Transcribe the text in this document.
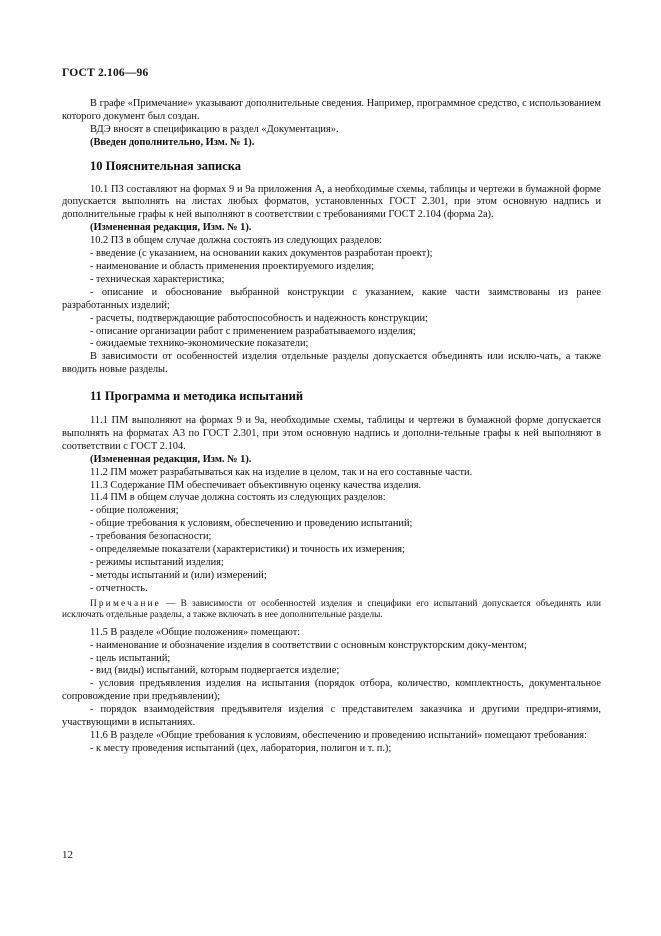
ГОСТ 2.106—96

В графе «Примечание» указывают дополнительные сведения. Например, программное средство, с использованием которого документ был создан.

ВДЭ вносят в спецификацию в раздел «Документация».

(Введен дополнительно, Изм. № 1).

10 Пояснительная записка

10.1 ПЗ составляют на формах 9 и 9а приложения А, а необходимые схемы, таблицы и чертежи в бумажной форме допускается выполнять на листах любых форматов, установленных ГОСТ 2.301, при этом основную надпись и дополнительные графы к ней выполняют в соответствии с требованиями ГОСТ 2.104 (форма 2а).

(Измененная редакция, Изм. № 1).

10.2 ПЗ в общем случае должна состоять из следующих разделов:

- введение (с указанием, на основании каких документов разработан проект);

- наименование и область применения проектируемого изделия;

- техническая характеристика;

- описание и обоснование выбранной конструкции с указанием, какие части заимствованы из ранее разработанных изделий;

- расчеты, подтверждающие работоспособность и надежность конструкции;

- описание организации работ с применением разрабатываемого изделия;

- ожидаемые технико-экономические показатели;

В зависимости от особенностей изделия отдельные разделы допускается объединять или исклю-чать, а также вводить новые разделы.

11 Программа и методика испытаний

11.1 ПМ выполняют на формах 9 и 9а, необходимые схемы, таблицы и чертежи в бумажной форме допускается выполнять на форматах А3 по ГОСТ 2.301, при этом основную надпись и дополни-тельные графы к ней выполняют в соответствии с ГОСТ 2.104.

(Измененная редакция, Изм. № 1).

11.2 ПМ может разрабатываться как на изделие в целом, так и на его составные части.

11.3 Содержание ПМ обеспечивает объективную оценку качества изделия.

11.4 ПМ в общем случае должна состоять из следующих разделов:

- общие положения;

- общие требования к условиям, обеспечению и проведению испытаний;

- требования безопасности;

- определяемые показатели (характеристики) и точность их измерения;

- режимы испытаний изделия;

- методы испытаний и (или) измерений;

- отчетность.

Примечание — В зависимости от особенностей изделия и специфики его испытаний допускается объединять или исключать отдельные разделы, а также включать в нее дополнительные разделы.

11.5 В разделе «Общие положения» помещают:

- наименование и обозначение изделия в соответствии с основным конструкторским доку-ментом;

- цель испытаний;

- вид (виды) испытаний, которым подвергается изделие;

- условия предъявления изделия на испытания (порядок отбора, количество, комплектность, документальное сопровождение при предъявлении);

- порядок взаимодействия предъявителя изделия с представителем заказчика и другими предпри-ятиями, участвующими в испытаниях.

11.6 В разделе «Общие требования к условиям, обеспечению и проведению испытаний» помещают требования:

- к месту проведения испытаний (цех, лаборатория, полигон и т. п.);

12
